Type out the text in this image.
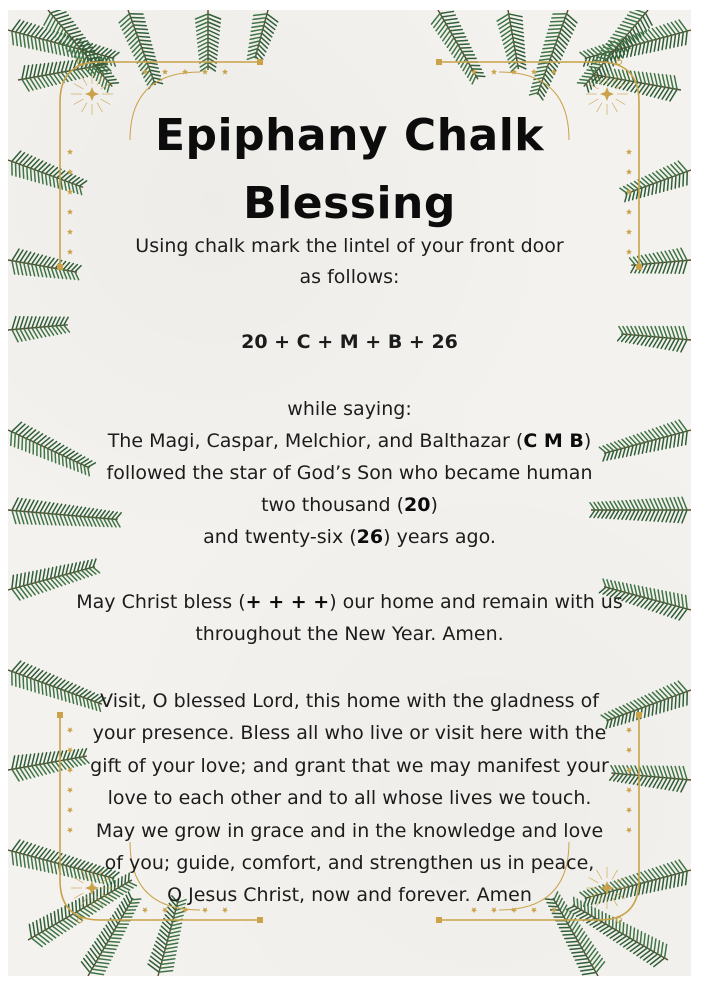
Epiphany Chalk
Blessing
Using chalk mark the lintel of your front door
as follows:
20 + C + M + B + 26
while saying:
The Magi, Caspar, Melchior, and Balthazar (C M B)
followed the star of God’s Son who became human
two thousand (20)
and twenty-six (26) years ago.
May Christ bless (+ + + +) our home and remain with us
throughout the New Year. Amen.
Visit, O blessed Lord, this home with the gladness of
your presence. Bless all who live or visit here with the
gift of your love; and grant that we may manifest your
love to each other and to all whose lives we touch.
May we grow in grace and in the knowledge and love
of you; guide, comfort, and strengthen us in peace,
O Jesus Christ, now and forever. Amen
